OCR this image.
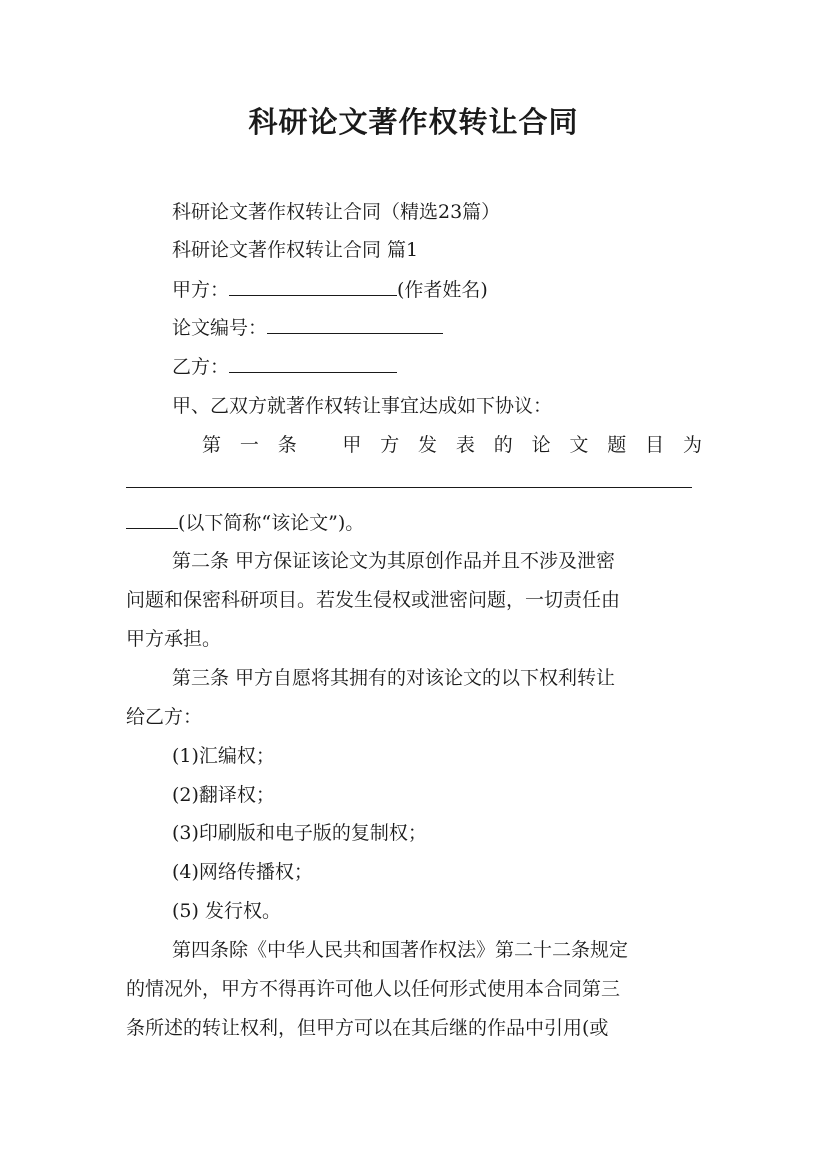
科研论文著作权转让合同
科研论文著作权转让合同（精选23篇）
科研论文著作权转让合同 篇1
甲方：	(作者姓名)
论文编号：
乙方：
甲、乙双方就著作权转让事宜达成如下协议：
第 一 条 甲 方 发 表 的 论 文 题 目 为
(以下简称“该论文”)。
第二条 甲方保证该论文为其原创作品并且不涉及泄密
问题和保密科研项目。若发生侵权或泄密问题，一切责任由
甲方承担。
第三条 甲方自愿将其拥有的对该论文的以下权利转让
给乙方：
(1)汇编权；
(2)翻译权；
(3)印刷版和电子版的复制权；
(4)网络传播权；
(5) 发行权。
第四条除《中华人民共和国著作权法》第二十二条规定
的情况外，甲方不得再许可他人以任何形式使用本合同第三
条所述的转让权利，但甲方可以在其后继的作品中引用(或
